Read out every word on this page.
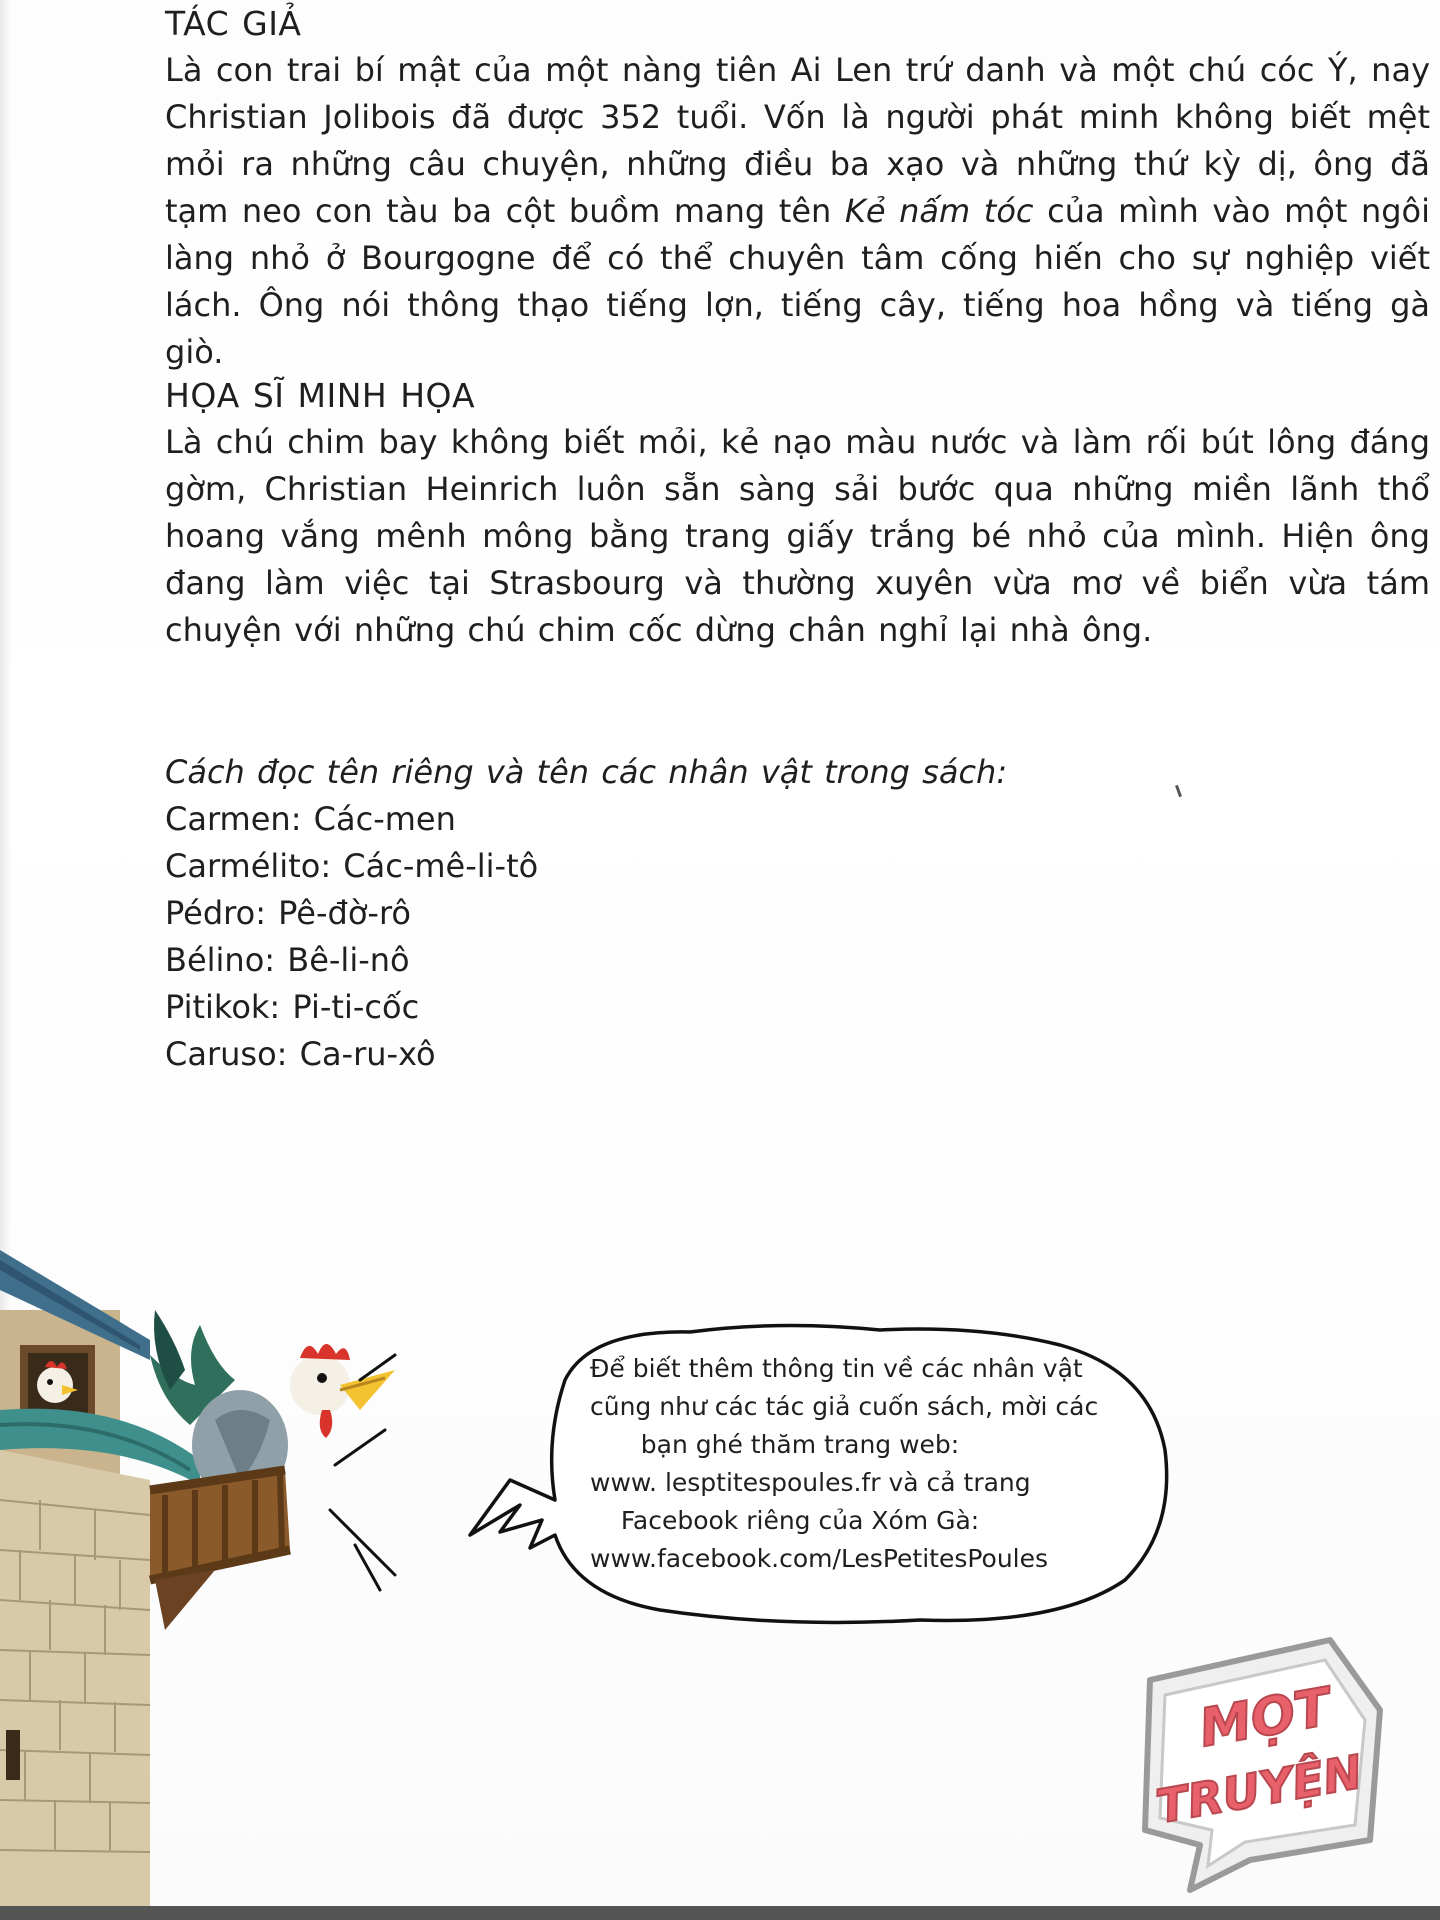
TÁC GIẢ

Là con trai bí mật của một nàng tiên Ai Len trứ danh và một chú cóc Ý, nay Christian Jolibois đã được 352 tuổi. Vốn là người phát minh không biết mệt mỏi ra những câu chuyện, những điều ba xạo và những thứ kỳ dị, ông đã tạm neo con tàu ba cột buồm mang tên Kẻ nấm tóc của mình vào một ngôi làng nhỏ ở Bourgogne để có thể chuyên tâm cống hiến cho sự nghiệp viết lách. Ông nói thông thạo tiếng lợn, tiếng cây, tiếng hoa hồng và tiếng gà giò.

HỌA SĨ MINH HỌA

Là chú chim bay không biết mỏi, kẻ nạo màu nước và làm rối bút lông đáng gờm, Christian Heinrich luôn sẵn sàng sải bước qua những miền lãnh thổ hoang vắng mênh mông bằng trang giấy trắng bé nhỏ của mình. Hiện ông đang làm việc tại Strasbourg và thường xuyên vừa mơ về biển vừa tám chuyện với những chú chim cốc dừng chân nghỉ lại nhà ông.

Cách đọc tên riêng và tên các nhân vật trong sách:

Carmen: Các-men

Carmélito: Các-mê-li-tô

Pédro: Pê-đờ-rô

Bélino: Bê-li-nô

Pitikok: Pi-ti-cốc

Caruso: Ca-ru-xô

Để biết thêm thông tin về các nhân vật
cũng như các tác giả cuốn sách, mời các
bạn ghé thăm trang web:
www. lesptitespoules.fr và cả trang
Facebook riêng của Xóm Gà:
www.facebook.com/LesPetitesPoules
MỌT
TRUYỆN
